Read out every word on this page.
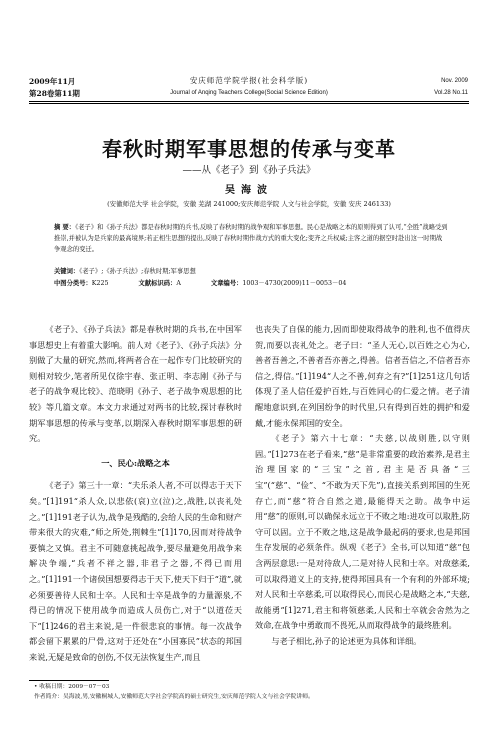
2009年11月
第28卷第11期
安庆师范学院学报(社会科学版)
Journal of Anqing Teachers College(Social Science Edition)
Nov. 2009
Vol.28 No.11
春秋时期军事思想的传承与变革
——从《老子》到《孙子兵法》
吴海波
(安徽师范大学 社会学院，安徽 芜湖 241000;安庆师范学院 人文与社会学院，安徽 安庆 246133)
摘 要：《老子》和《孙子兵法》都是春秋时期的兵书,反映了春秋时期的战争观和军事思想。民心是战略之本的原则得到了认可,“全胜”战略受到推崇,并被认为是兵家的最高境界;若正相生思想的提出,反映了春秋时期作战方式的重大变化;变齐之兵权威;主客之道的据空时赴出这一时期战争观念的变迁。
关键词：《老子》;《孙子兵法》;春秋时期;军事思想
中图分类号：K225	文献标识码：A	文章编号：1003－4730(2009)11－0053－04

《老子》、《孙子兵法》都是春秋时期的兵书,在中国军事思想史上有着重大影响。前人对《老子》、《孙子兵法》分别做了大量的研究,然而,将两者合在一起作专门比较研究的则相对较少,笔者所见仅徐宇春、张正明、李志刚《孙子与老子的战争观比较》、范晓明《孙子、老子战争观思想的比较》等几篇文章。本文力求通过对两书的比较,探讨春秋时期军事思想的传承与变革,以期深入春秋时期军事思想的研究。

一、民心:战略之本

《老子》第三十一章：“夫乐杀人者,不可以得志于天下矣。”[1]191“杀人众,以悲依(哀)立(泣)之,战胜,以丧礼处之。”[1]191老子认为,战争是残酷的,会给人民的生命和财产带来很大的灾难,“师之所处,荆棘生”[1]170,因而对待战争要慎之又慎。君主不可随意挑起战争,要尽量避免用战争来解决争端,“兵者不祥之器,非君子之器,不得已而用之。”[1]191一个诸侯国想要得志于天下,使天下归于“道”,就必须要善待人民和士卒。人民和士卒是战争的力量源泉,不得已的情况下使用战争而造成人员伤亡,对于“以道莅天下”[1]246的君主来说,是一件很悲哀的事情。每一次战争都会留下累累的尸骨,这对于还处在“小国寡民”状态的邦国来说,无疑是致命的创伤,不仅无法恢复生产,而且

也丧失了自保的能力,因而即使取得战争的胜利,也不值得庆贺,而要以丧礼处之。老子曰：“圣人无心,以百姓之心为心,善者吾善之,不善者吾亦善之,得善。信者吾信之,不信者吾亦信之,得信。”[1]194“人之不善,何弃之有?”[1]251这几句话体现了圣人信任爱护百姓,与百姓同心的仁爱之情。老子清醒地意识到,在列国纷争的时代里,只有得到百姓的拥护和爱戴,才能永保邦国的安全。

《老子》第六十七章：“夫慈,以战则胜,以守则固。”[1]273在老子看来,“慈”是非常重要的政治素养,是君主治理国家的“三宝”之首,君主是否具备“三宝”(“慈”、“俭”、“不敢为天下先”),直接关系到邦国的生死存亡,而“慈”符合自然之道,最能得天之助。战争中运用“慈”的原则,可以确保永远立于不败之地:进攻可以取胜,防守可以固。立于不败之地,这是战争最起码的要求,也是邦国生存发展的必须条件。纵观《老子》全书,可以知道“慈”包含两层意思:一是对待敌人,二是对待人民和士卒。对敌慈柔,可以取得道义上的支持,使得邦国具有一个有利的外部环境;对人民和士卒慈柔,可以取得民心,而民心是战略之本,“夫慈,故能勇”[1]271,君主和将领慈柔,人民和士卒就会舍然为之效命,在战争中勇敢而不畏死,从而取得战争的最终胜利。

与老子相比,孙子的论述更为具体和详细。

• 收稿日期：2009－07－03
作者简介：吴海波,男,安徽桐城人,安徽师范大学社会学院高的硕士研究生,安庆师范学院人文与社会学院讲师。
